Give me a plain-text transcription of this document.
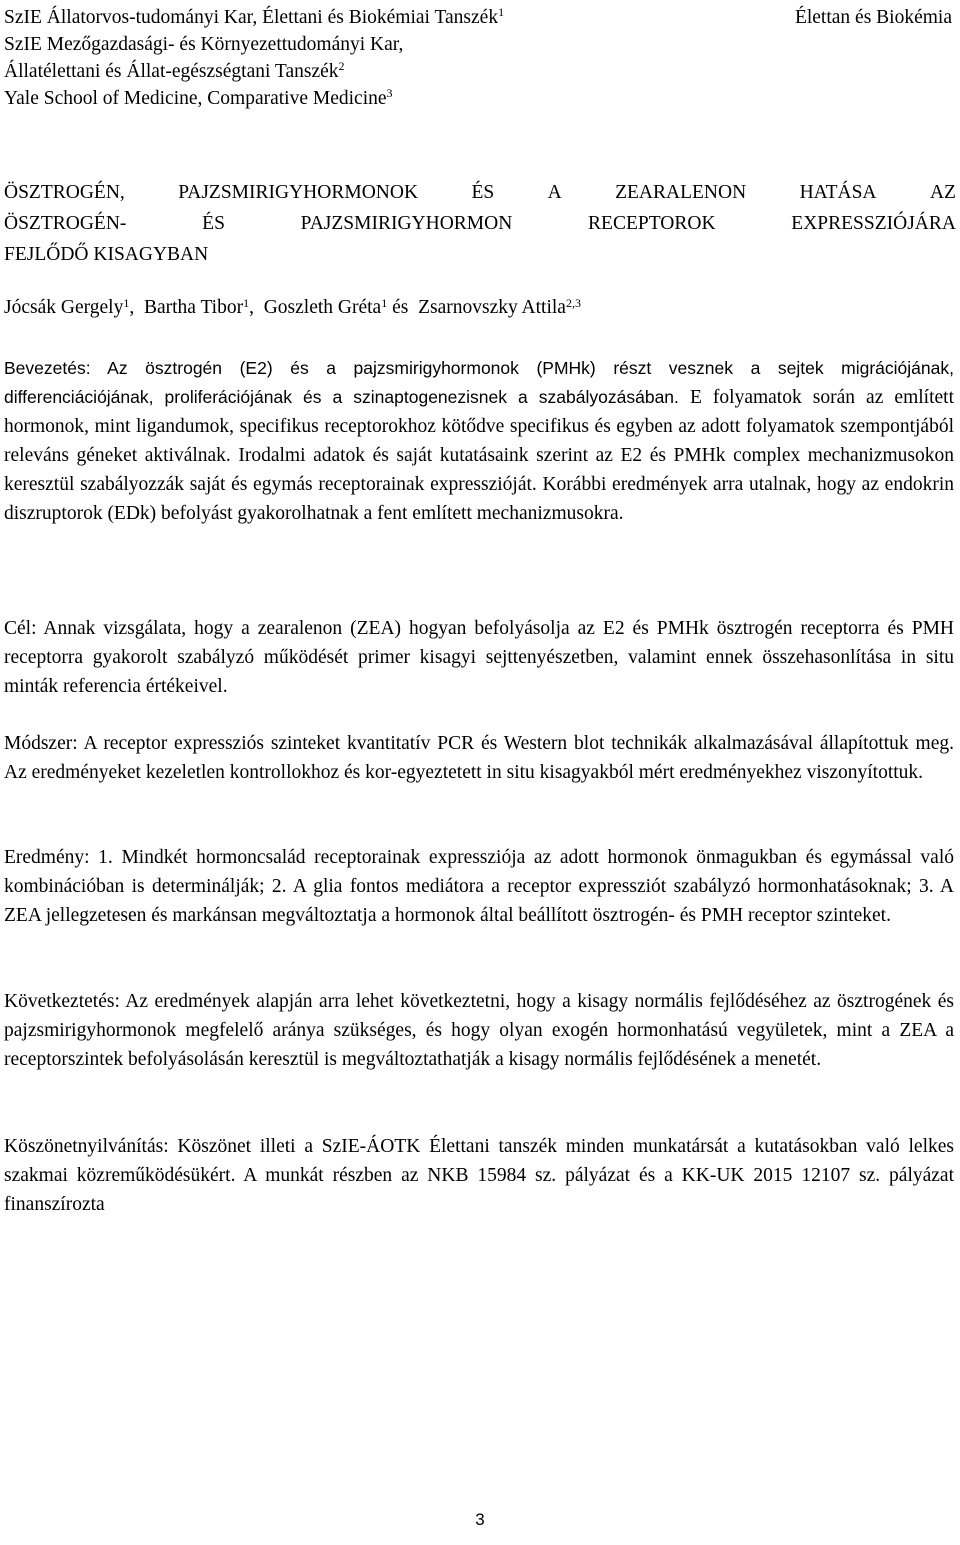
SzIE Állatorvos-tudományi Kar, Élettani és Biokémiai Tanszék$^1$
SzIE Mezőgazdasági- és Környezettudományi Kar,
Állatélettani és Állat-egészségtani Tanszék$^2$
Yale School of Medicine, Comparative Medicine$^3$
Élettan és Biokémia
ÖSZTROGÉN,	PAJZSMIRIGYHORMONOK	ÉS	A	ZEARALENON	HATÁSA	AZ
ÖSZTROGÉN-	ÉS	PAJZSMIRIGYHORMON	RECEPTOROK	EXPRESSZIÓJÁRA
FEJLŐDŐ KISAGYBAN
Jócsák Gergely$^1$,  Bartha Tibor$^1$,  Goszleth Gréta$^1$ és  Zsarnovszky Attila$^{2,3}$
Bevezetés: Az ösztrogén (E2) és a pajzsmirigyhormonok (PMHk) részt vesznek a sejtek migrációjának, differenciációjának, proliferációjának és a szinaptogenezisnek a szabályozásában. E folyamatok során az említett hormonok, mint ligandumok, specifikus receptorokhoz kötődve specifikus és egyben az adott folyamatok szempontjából releváns géneket aktiválnak. Irodalmi adatok és saját kutatásaink szerint az E2 és PMHk complex mechanizmusokon keresztül szabályozzák saját és egymás receptorainak expresszióját. Korábbi eredmények arra utalnak, hogy az endokrin diszruptorok (EDk) befolyást gyakorolhatnak a fent említett mechanizmusokra.
Cél: Annak vizsgálata, hogy a zearalenon (ZEA) hogyan befolyásolja az E2 és PMHk ösztrogén receptorra és PMH receptorra gyakorolt szabályzó működését primer kisagyi sejttenyészetben, valamint ennek összehasonlítása in situ minták referencia értékeivel.
Módszer: A receptor expressziós szinteket kvantitatív PCR és Western blot technikák alkalmazásával állapítottuk meg. Az eredményeket kezeletlen kontrollokhoz és kor-egyeztetett in situ kisagyakból mért eredményekhez viszonyítottuk.
Eredmény: 1. Mindkét hormoncsalád receptorainak expressziója az adott hormonok önmagukban és egymással való kombinációban is determinálják; 2. A glia fontos mediátora a receptor expressziót szabályzó hormonhatásoknak; 3. A ZEA jellegzetesen és markánsan megváltoztatja a hormonok által beállított ösztrogén- és PMH receptor szinteket.
Következtetés: Az eredmények alapján arra lehet következtetni, hogy a kisagy normális fejlődéséhez az ösztrogének és pajzsmirigyhormonok megfelelő aránya szükséges, és hogy olyan exogén hormonhatású vegyületek, mint a ZEA a receptorszintek befolyásolásán keresztül is megváltoztathatják a kisagy normális fejlődésének a menetét.
Köszönetnyilvánítás: Köszönet illeti a SzIE-ÁOTK Élettani tanszék minden munkatársát a kutatásokban való lelkes szakmai közreműködésükért. A munkát részben az NKB 15984 sz. pályázat és a KK-UK 2015 12107 sz. pályázat finanszírozta
3
